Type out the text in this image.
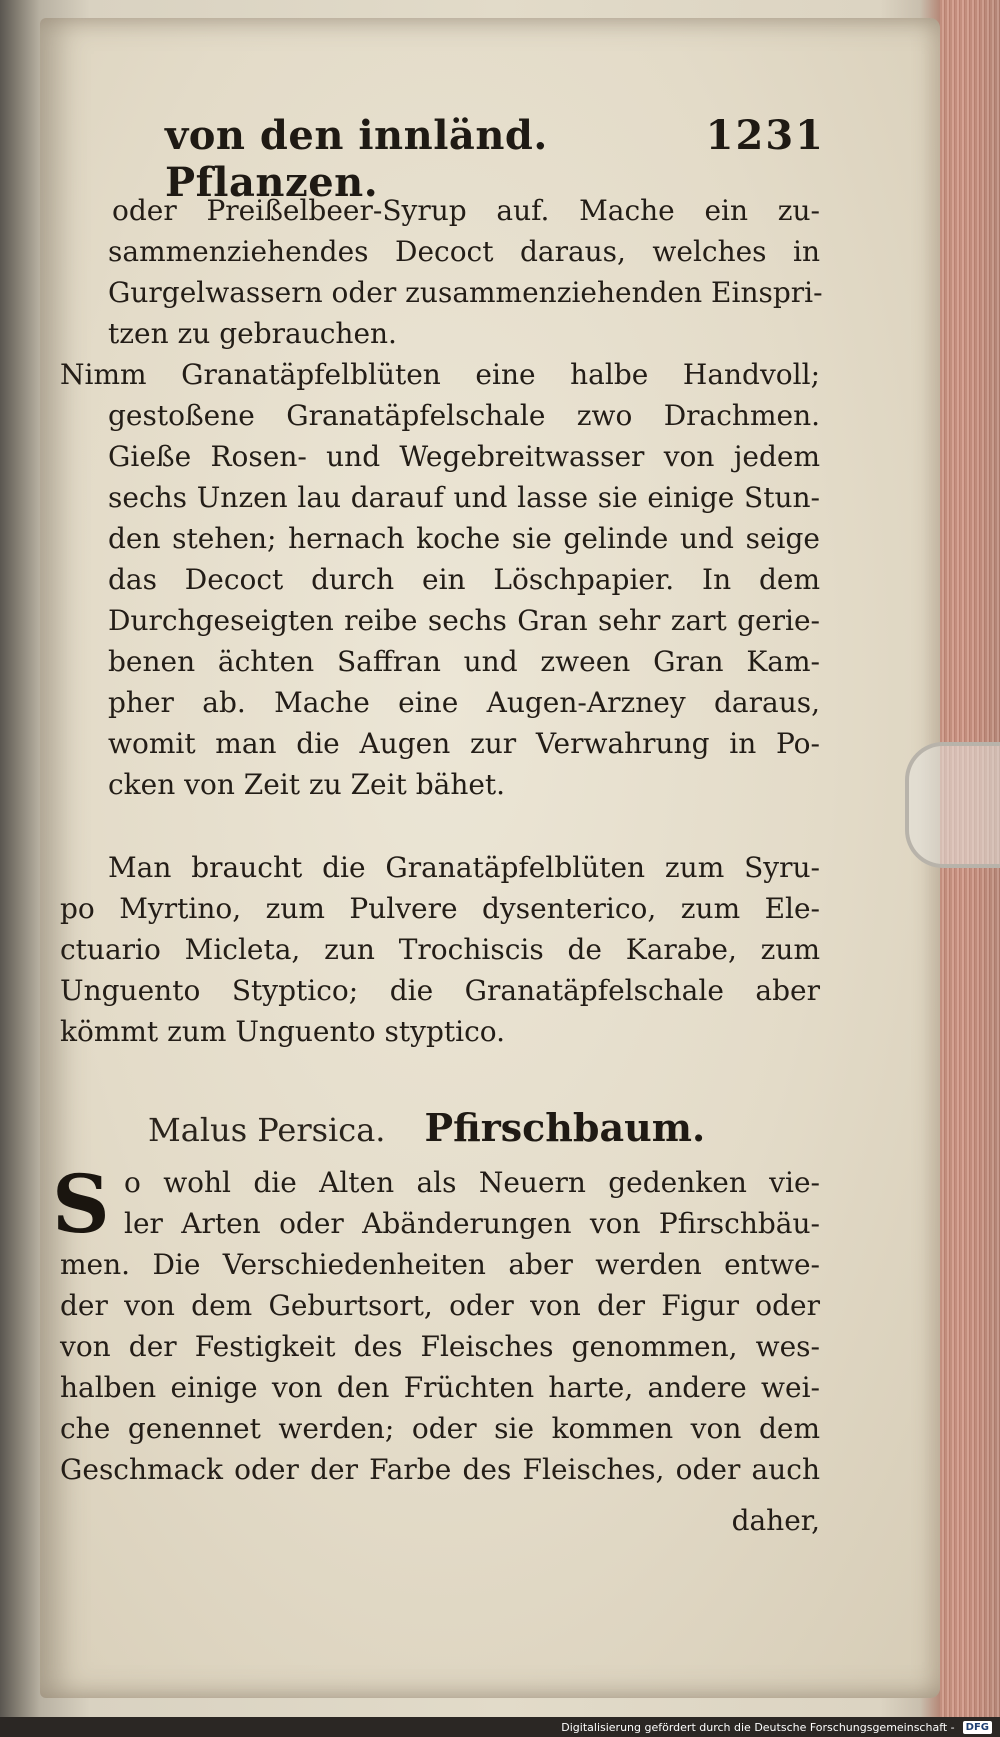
von den innländ. Pflanzen.
1231
oder Preißelbeer-Syrup auf. Mache ein zu-
sammenziehendes Decoct daraus, welches in
Gurgelwassern oder zusammenziehenden Einspri-
tzen zu gebrauchen.
Nimm Granatäpfelblüten eine halbe Handvoll;
gestoßene Granatäpfelschale zwo Drachmen.
Gieße Rosen- und Wegebreitwasser von jedem
sechs Unzen lau darauf und lasse sie einige Stun-
den stehen; hernach koche sie gelinde und seige
das Decoct durch ein Löschpapier. In dem
Durchgeseigten reibe sechs Gran sehr zart gerie-
benen ächten Saffran und zween Gran Kam-
pher ab. Mache eine Augen-Arzney daraus,
womit man die Augen zur Verwahrung in Po-
cken von Zeit zu Zeit bähet.
Man braucht die Granatäpfelblüten zum Syru-
po Myrtino, zum Pulvere dysenterico, zum Ele-
ctuario Micleta, zun Trochiscis de Karabe, zum
Unguento Styptico; die Granatäpfelschale aber
kömmt zum Unguento styptico.
Malus Persica. Pfirschbaum.
S o wohl die Alten als Neuern gedenken vie-
ler Arten oder Abänderungen von Pfirschbäu-
men. Die Verschiedenheiten aber werden entwe-
der von dem Geburtsort, oder von der Figur oder
von der Festigkeit des Fleisches genommen, wes-
halben einige von den Früchten harte, andere wei-
che genennet werden; oder sie kommen von dem
Geschmack oder der Farbe des Fleisches, oder auch
daher,
Digitalisierung gefördert durch die Deutsche Forschungsgemeinschaft -	DFG
